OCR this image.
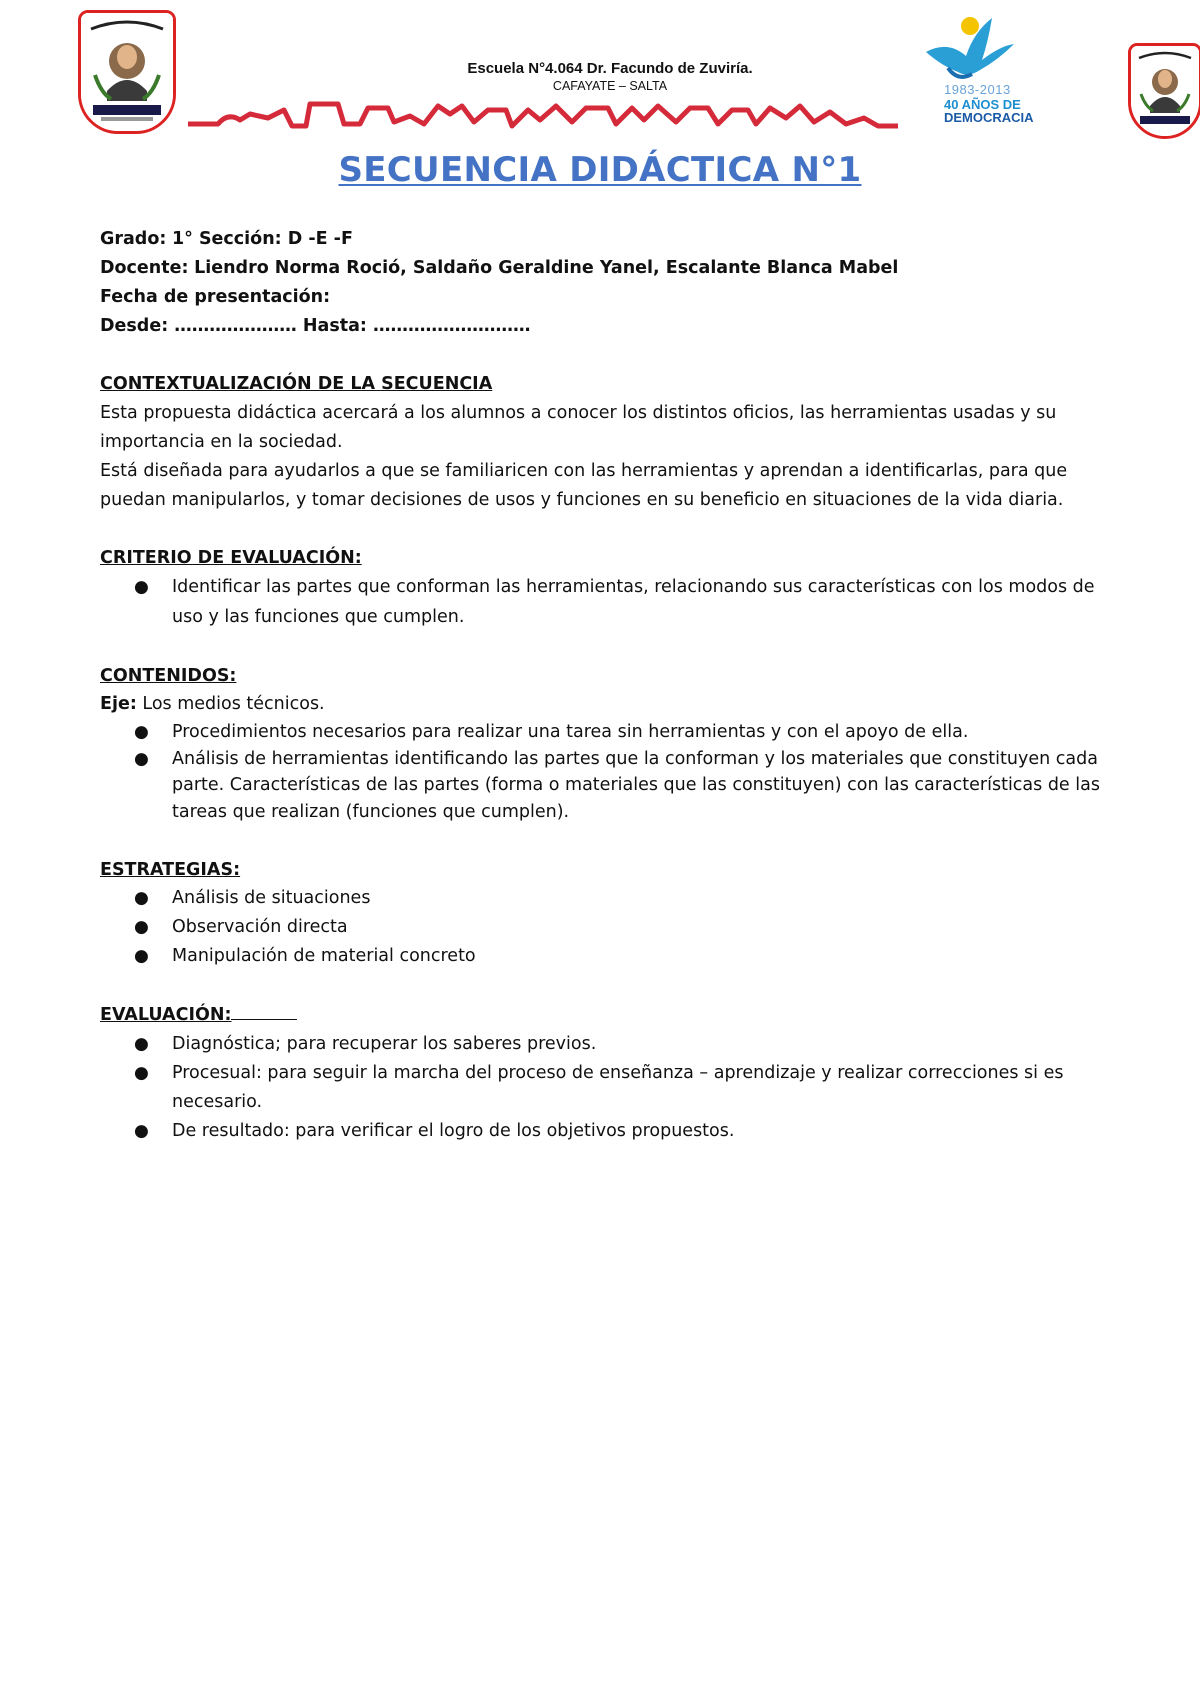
Escuela N°4.064 Dr. Facundo de Zuviría.
CAFAYATE – SALTA	1983-2013
40 AÑOS DE
DEMOCRACIA
SECUENCIA DIDÁCTICA N°1
Grado: 1° Sección: D -E -F
Docente: Liendro Norma Roció, Saldaño Geraldine Yanel, Escalante Blanca Mabel
Fecha de presentación:
Desde: ………………… Hasta: ………………………
CONTEXTUALIZACIÓN DE LA SECUENCIA
Esta propuesta didáctica acercará a los alumnos a conocer los distintos oficios, las herramientas usadas y su
importancia en la sociedad.
Está diseñada para ayudarlos a que se familiaricen con las herramientas y aprendan a identificarlas, para que
puedan manipularlos, y tomar decisiones de usos y funciones en su beneficio en situaciones de la vida diaria.
CRITERIO DE EVALUACIÓN:
● Identificar las partes que conforman las herramientas, relacionando sus características con los modos de
uso y las funciones que cumplen.
CONTENIDOS:
Eje: Los medios técnicos.
● Procedimientos necesarios para realizar una tarea sin herramientas y con el apoyo de ella.
● Análisis de herramientas identificando las partes que la conforman y los materiales que constituyen cada
parte. Características de las partes (forma o materiales que las constituyen) con las características de las
tareas que realizan (funciones que cumplen).
ESTRATEGIAS:
● Análisis de situaciones
● Observación directa
● Manipulación de material concreto
EVALUACIÓN:
● Diagnóstica; para recuperar los saberes previos.
● Procesual: para seguir la marcha del proceso de enseñanza – aprendizaje y realizar correcciones si es
necesario.
● De resultado: para verificar el logro de los objetivos propuestos.
